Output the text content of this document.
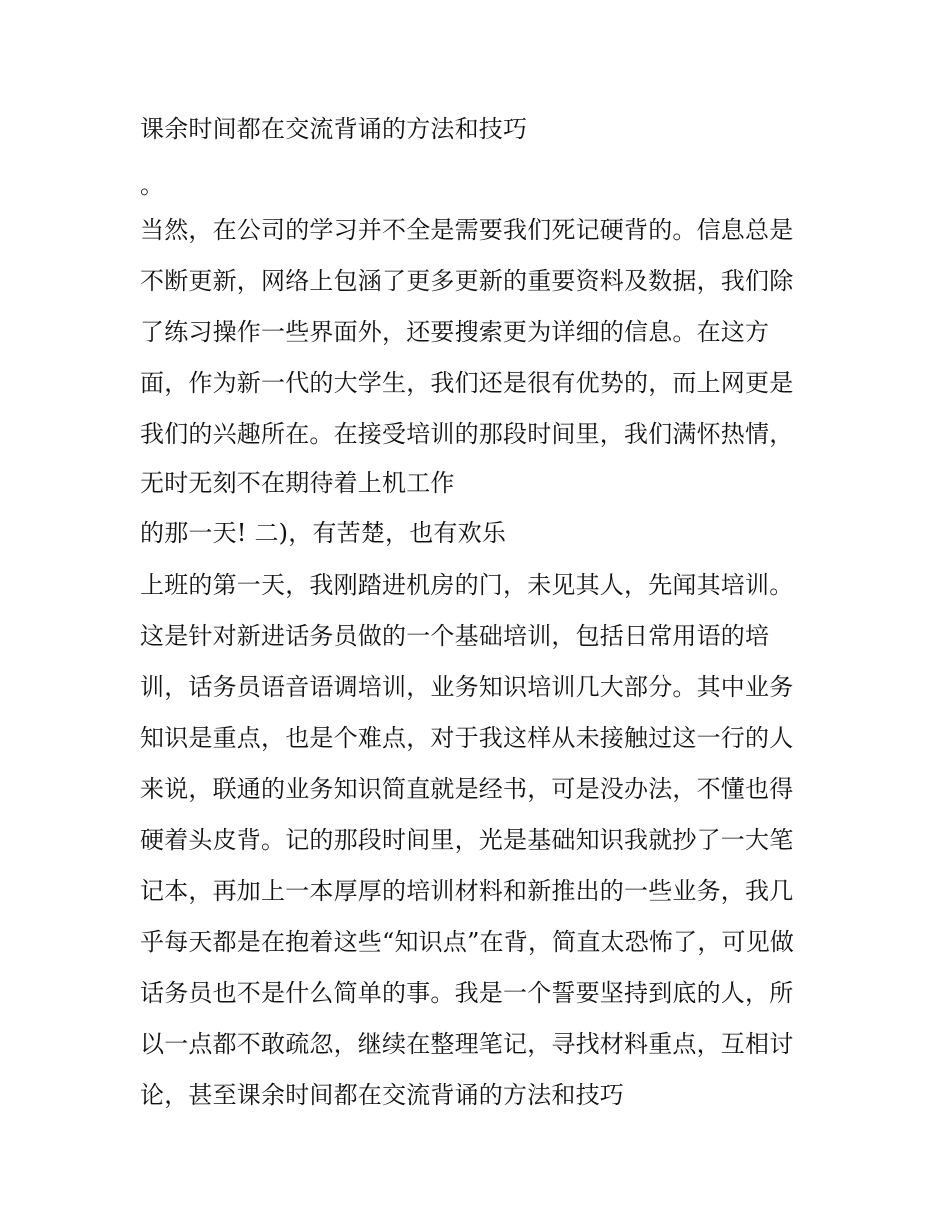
课余时间都在交流背诵的方法和技巧
。
当然，在公司的学习并不全是需要我们死记硬背的。信息总是
不断更新，网络上包涵了更多更新的重要资料及数据，我们除
了练习操作一些界面外，还要搜索更为详细的信息。在这方
面，作为新一代的大学生，我们还是很有优势的，而上网更是
我们的兴趣所在。在接受培训的那段时间里，我们满怀热情，
无时无刻不在期待着上机工作
的那一天! 二)，有苦楚，也有欢乐
上班的第一天，我刚踏进机房的门，未见其人，先闻其培训。
这是针对新进话务员做的一个基础培训，包括日常用语的培
训，话务员语音语调培训，业务知识培训几大部分。其中业务
知识是重点，也是个难点，对于我这样从未接触过这一行的人
来说，联通的业务知识简直就是经书，可是没办法，不懂也得
硬着头皮背。记的那段时间里，光是基础知识我就抄了一大笔
记本，再加上一本厚厚的培训材料和新推出的一些业务，我几
乎每天都是在抱着这些“知识点”在背，简直太恐怖了，可见做
话务员也不是什么简单的事。我是一个誓要坚持到底的人，所
以一点都不敢疏忽，继续在整理笔记，寻找材料重点，互相讨
论，甚至课余时间都在交流背诵的方法和技巧
